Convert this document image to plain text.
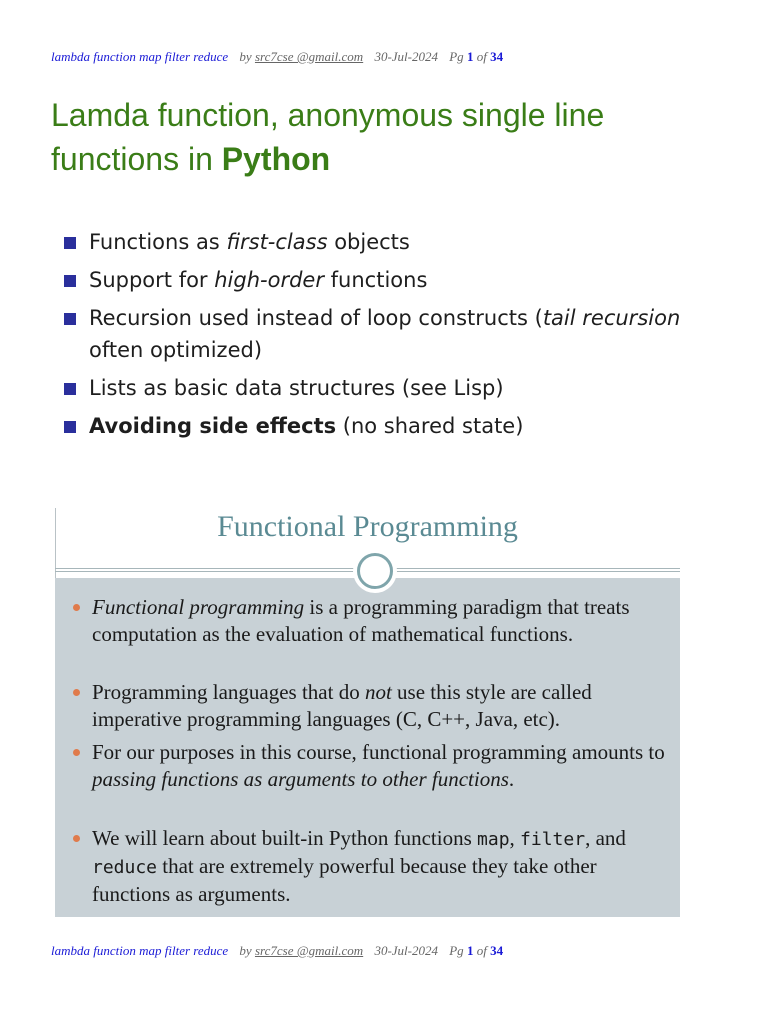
lambda function map filter reduce by src7cse @gmail.com 30-Jul-2024 Pg 1 of 34
Lamda function, anonymous single line
functions in Python
Functions as first-class objects
Support for high-order functions
Recursion used instead of loop constructs (tail recursion often optimized)
Lists as basic data structures (see Lisp)
Avoiding side effects (no shared state)
Functional Programming
Functional programming is a programming paradigm that treats computation as the evaluation of mathematical functions.
Programming languages that do not use this style are called imperative programming languages (C, C++, Java, etc).
For our purposes in this course, functional programming amounts to passing functions as arguments to other functions.
We will learn about built-in Python functions map, filter, and reduce that are extremely powerful because they take other functions as arguments.
lambda function map filter reduce by src7cse @gmail.com 30-Jul-2024 Pg 1 of 34
